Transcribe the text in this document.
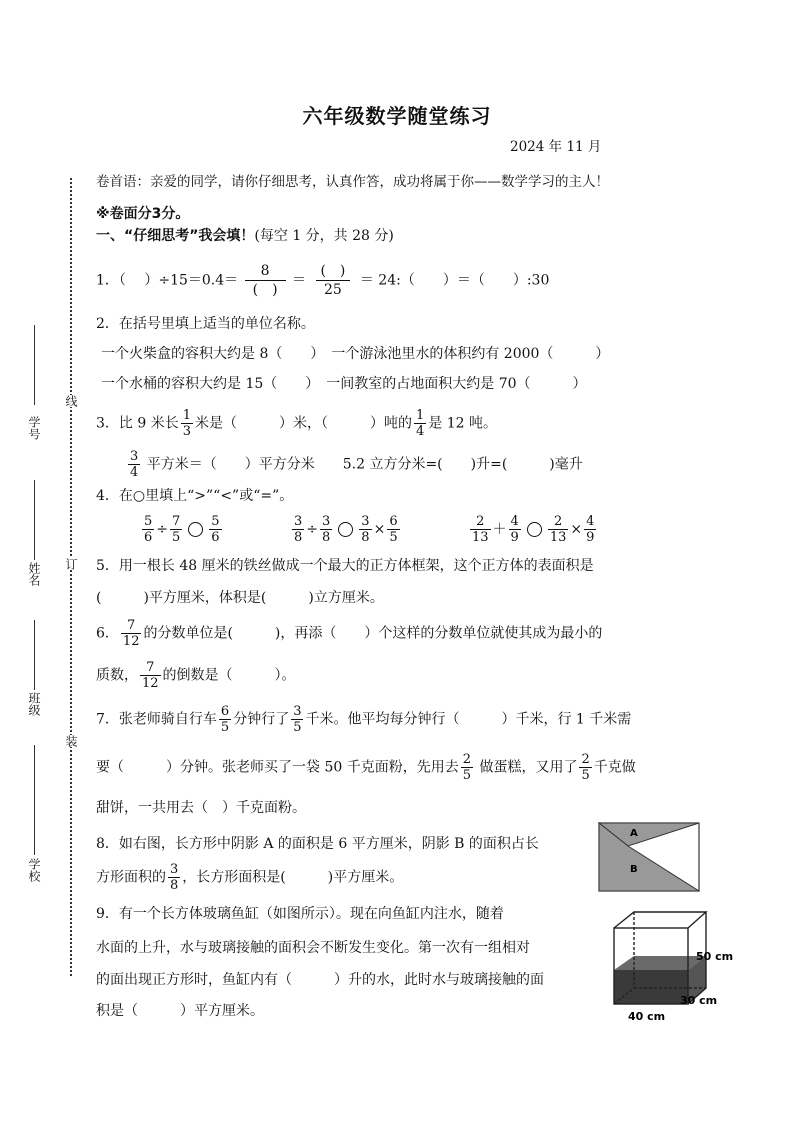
六年级数学随堂练习
2024 年 11 月
线
订
装
学号
姓名
班级
学校
卷首语：亲爱的同学，请你仔细思考，认真作答，成功将属于你——数学学习的主人！
※卷面分3分。
一、“仔细思考”我会填！(每空 1 分，共 28 分)
1．（　 ）$\div 15=0.4= \frac{8}{( )} = \frac{( )}{25}$ ＝ 24:（　　）＝（　　）:30
2．在括号里填上适当的单位名称。
一个火柴盒的容积大约是 8（　　）　一个游泳池里水的体积约有 2000（　　　）
一个水桶的容积大约是 15（　　）　一间教室的占地面积大约是 70（　　　）
3．比 9 米长 $\frac{1}{3}$ 米是（　　　）米，（　　　）吨的 $\frac{1}{4}$ 是 12 吨。
$\frac{3}{4}$ 平方米＝（　　）平方分米　　5.2 立方分米=(　　)升=(　　　)毫升
4．在○里填上“>”“<”或“=”。
$\frac{5}{6} \div \frac{7}{5} \frac{5}{6}$	$\frac{3}{8} \div \frac{3}{8} \frac{3}{8} \times \frac{6}{5}$	$\frac{2}{13} + \frac{4}{9} \frac{2}{13} \times \frac{4}{9}$
5．用一根长 48 厘米的铁丝做成一个最大的正方体框架，这个正方体的表面积是
(　　　)平方厘米，体积是(　　　)立方厘米。
6． $\frac{7}{12}$ 的分数单位是(　　　)，再添（　　）个这样的分数单位就使其成为最小的
质数， $\frac{7}{12}$ 的倒数是（　　　）。
7．张老师骑自行车 $\frac{6}{5}$ 分钟行了 $\frac{3}{5}$ 千米。他平均每分钟行（　　　）千米，行 1 千米需
要（　　　）分钟。张老师买了一袋 50 千克面粉，先用去 $\frac{2}{5}$ 做蛋糕，又用了 $\frac{2}{5}$ 千克做
甜饼，一共用去（　）千克面粉。
8．如右图，长方形中阴影 A 的面积是 6 平方厘米，阴影 B 的面积占长
方形面积的 $\frac{3}{8}$ ，长方形面积是(　　　)平方厘米。
A
B
9．有一个长方体玻璃鱼缸（如图所示）。现在向鱼缸内注水，随着
水面的上升，水与玻璃接触的面积会不断发生变化。第一次有一组相对
的面出现正方形时，鱼缸内有（　　　）升的水，此时水与玻璃接触的面
积是（　　　）平方厘米。
50 cm
30 cm
40 cm
